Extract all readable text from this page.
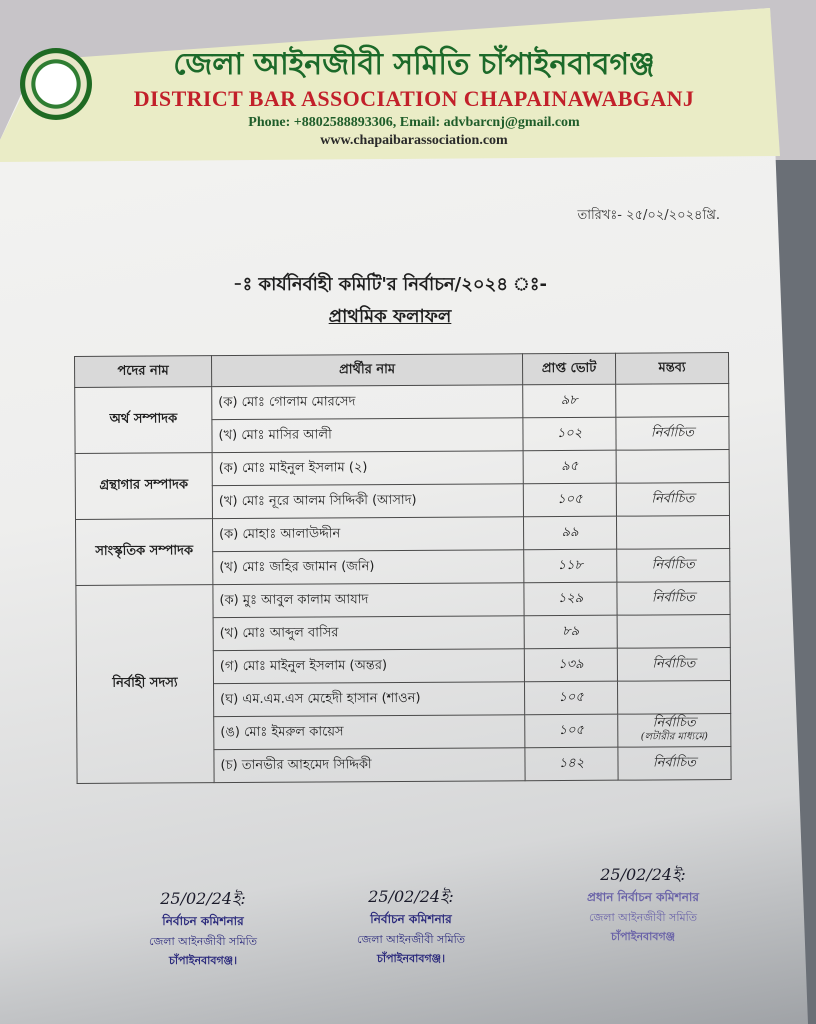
জেলা আইনজীবী সমিতি চাঁপাইনবাবগঞ্জ
DISTRICT BAR ASSOCIATION CHAPAINAWABGANJ
Phone: +8802588893306, Email: advbarcnj@gmail.com
www.chapaibarassociation.com
তারিখঃ- ২৫/০২/২০২৪খ্রি.
-ঃ কার্যনির্বাহী কমিটি'র নির্বাচন/২০২৪ ঃ-
প্রাথমিক ফলাফল
পদের নাম	প্রার্থীর নাম	প্রাপ্ত ভোট	মন্তব্য
অর্থ সম্পাদক	(ক) মোঃ গোলাম মোরসেদ	৯৮	
	(খ) মোঃ মাসির আলী	১০২	নির্বাচিত
গ্রন্থাগার সম্পাদক	(ক) মোঃ মাইনুল ইসলাম (২)	৯৫	
	(খ) মোঃ নূরে আলম সিদ্দিকী (আসাদ)	১০৫	নির্বাচিত
সাংস্কৃতিক সম্পাদক	(ক) মোহাঃ আলাউদ্দীন	৯৯	
	(খ) মোঃ জহির জামান (জনি)	১১৮	নির্বাচিত
নির্বাহী সদস্য	(ক) মুঃ আবুল কালাম আযাদ	১২৯	নির্বাচিত
	(খ) মোঃ আব্দুল বাসির	৮৯	
	(গ) মোঃ মাইনুল ইসলাম (অন্তর)	১৩৯	নির্বাচিত
	(ঘ) এম.এম.এস মেহেদী হাসান (শাওন)	১০৫	
	(ঙ) মোঃ ইমরুল কায়েস	১০৫	নির্বাচিত
(লটারীর মাধ্যমে)

	(চ) তানভীর আহমেদ সিদ্দিকী	১৪২	নির্বাচিত
25/02/24ই:
নির্বাচন কমিশনার
জেলা আইনজীবী সমিতি
চাঁপাইনবাবগঞ্জ।
25/02/24ই:
নির্বাচন কমিশনার
জেলা আইনজীবী সমিতি
চাঁপাইনবাবগঞ্জ।
25/02/24ই:
প্রধান নির্বাচন কমিশনার
জেলা আইনজীবী সমিতি
চাঁপাইনবাবগঞ্জ
